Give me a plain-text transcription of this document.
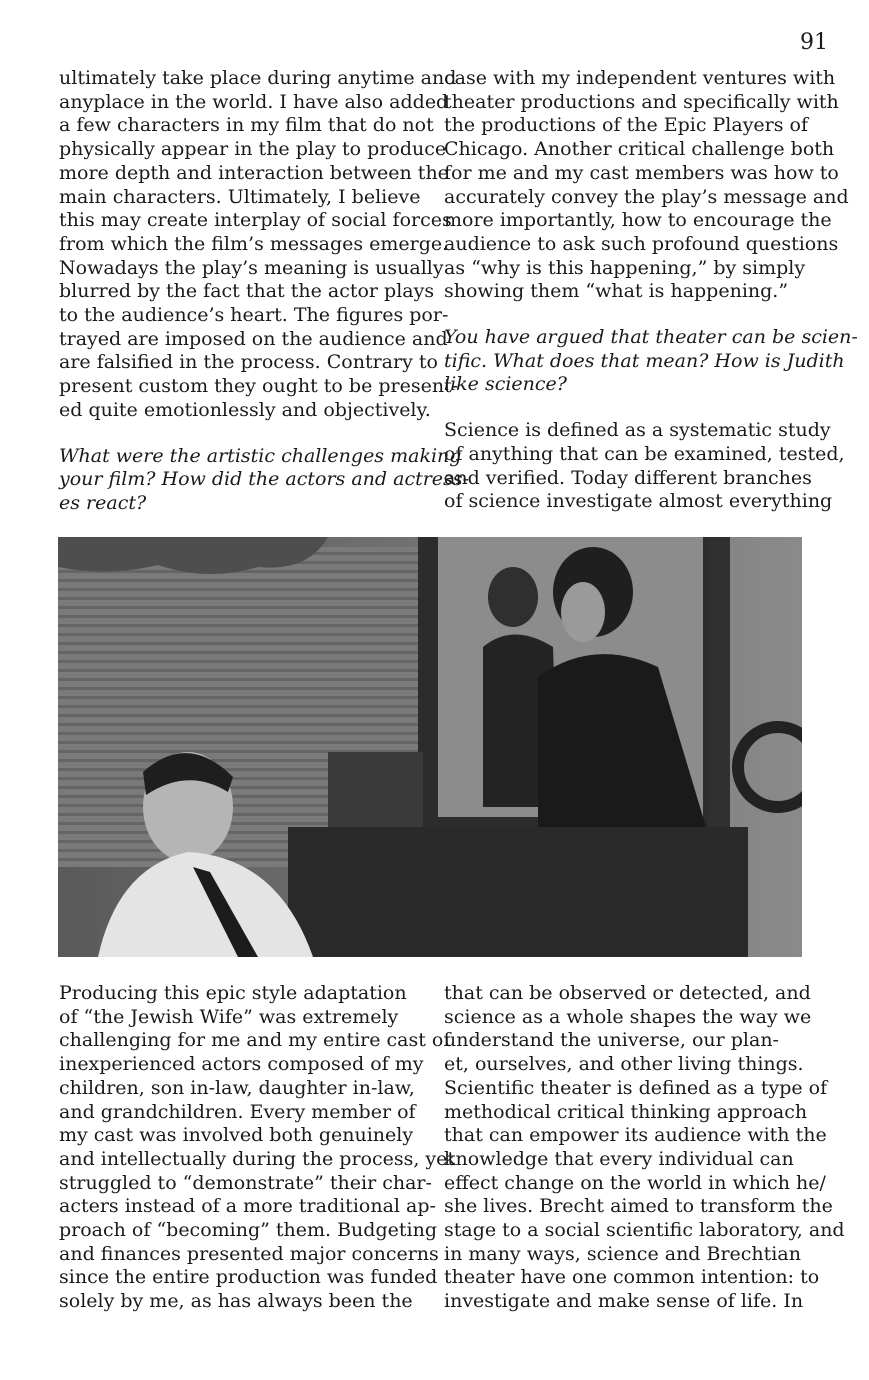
91
ultimately take place during anytime and
anyplace in the world. I have also added
a few characters in my film that do not
physically appear in the play to produce
more depth and interaction between the
main characters. Ultimately, I believe
this may create interplay of social forces
from which the film’s messages emerge.
Nowadays the play’s meaning is usually
blurred by the fact that the actor plays
to the audience’s heart. The figures por-
trayed are imposed on the audience and
are falsified in the process. Contrary to
present custom they ought to be present-
ed quite emotionlessly and objectively.
What were the artistic challenges making
your film? How did the actors and actress-
es react?
case with my independent ventures with
theater productions and specifically with
the productions of the Epic Players of
Chicago. Another critical challenge both
for me and my cast members was how to
accurately convey the play’s message and
more importantly, how to encourage the
audience to ask such profound questions
as “why is this happening,” by simply
showing them “what is happening.”
You have argued that theater can be scien-
tific. What does that mean? How is Judith
like science?
Science is defined as a systematic study
of anything that can be examined, tested,
and verified. Today different branches
of science investigate almost everything
Producing this epic style adaptation
of “the Jewish Wife” was extremely
challenging for me and my entire cast of
inexperienced actors composed of my
children, son in-law, daughter in-law,
and grandchildren. Every member of
my cast was involved both genuinely
and intellectually during the process, yet
struggled to “demonstrate” their char-
acters instead of a more traditional ap-
proach of “becoming” them. Budgeting
and finances presented major concerns
since the entire production was funded
solely by me, as has always been the
that can be observed or detected, and
science as a whole shapes the way we
understand the universe, our plan-
et, ourselves, and other living things.
Scientific theater is defined as a type of
methodical critical thinking approach
that can empower its audience with the
knowledge that every individual can
effect change on the world in which he/
she lives. Brecht aimed to transform the
stage to a social scientific laboratory, and
in many ways, science and Brechtian
theater have one common intention: to
investigate and make sense of life. In
